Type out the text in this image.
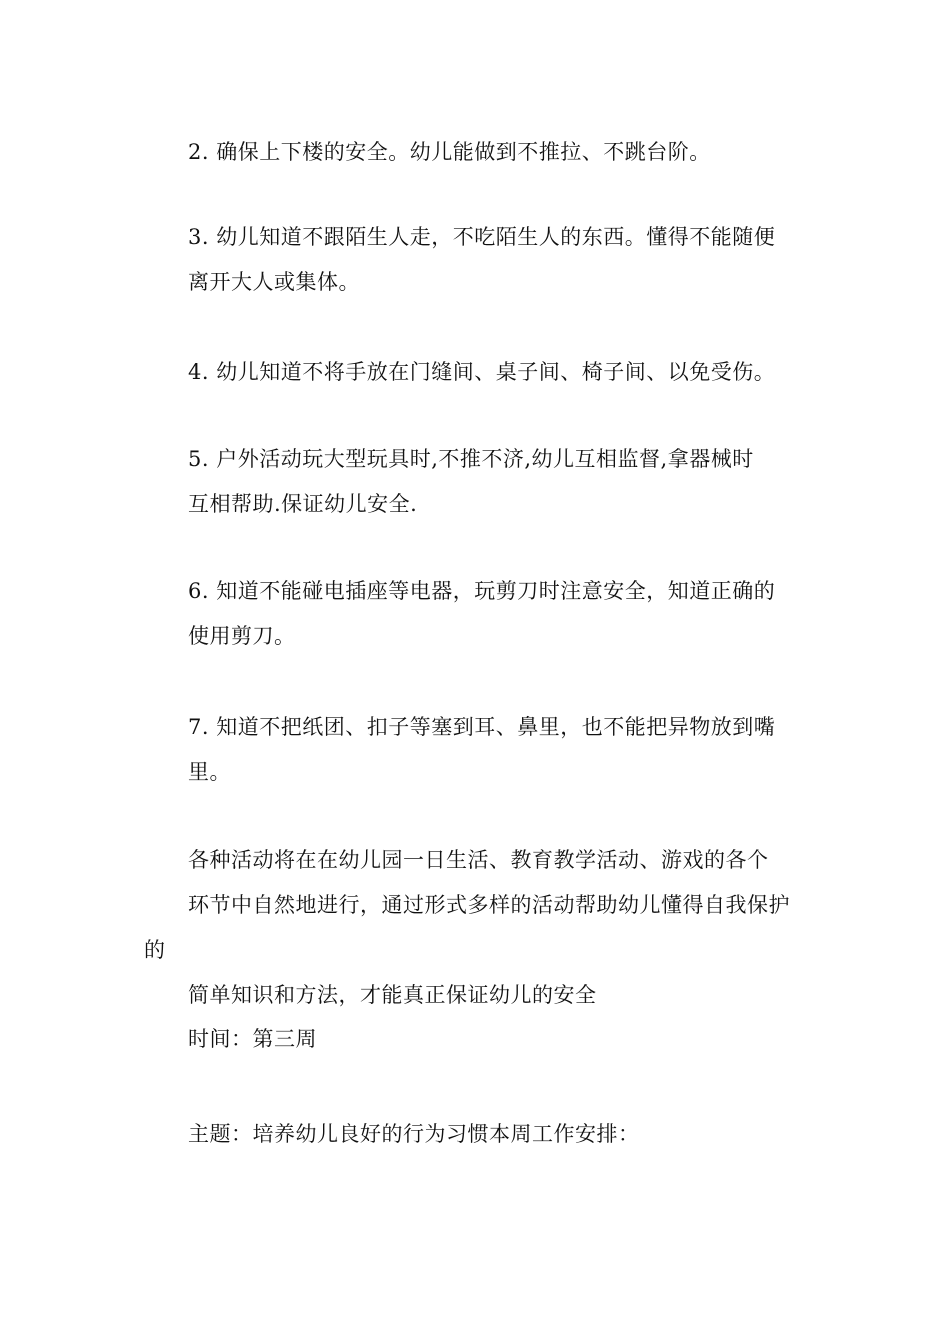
2. 确保上下楼的安全。幼儿能做到不推拉、不跳台阶。

3. 幼儿知道不跟陌生人走，不吃陌生人的东西。懂得不能随便
离开大人或集体。

4. 幼儿知道不将手放在门缝间、桌子间、椅子间、以免受伤。

5. 户外活动玩大型玩具时,不推不济,幼儿互相监督,拿器械时
互相帮助.保证幼儿安全.

6. 知道不能碰电插座等电器，玩剪刀时注意安全，知道正确的
使用剪刀。

7. 知道不把纸团、扣子等塞到耳、鼻里，也不能把异物放到嘴
里。

各种活动将在在幼儿园一日生活、教育教学活动、游戏的各个
环节中自然地进行，通过形式多样的活动帮助幼儿懂得自我保护的
简单知识和方法，才能真正保证幼儿的安全

时间：第三周

主题：培养幼儿良好的行为习惯本周工作安排：
